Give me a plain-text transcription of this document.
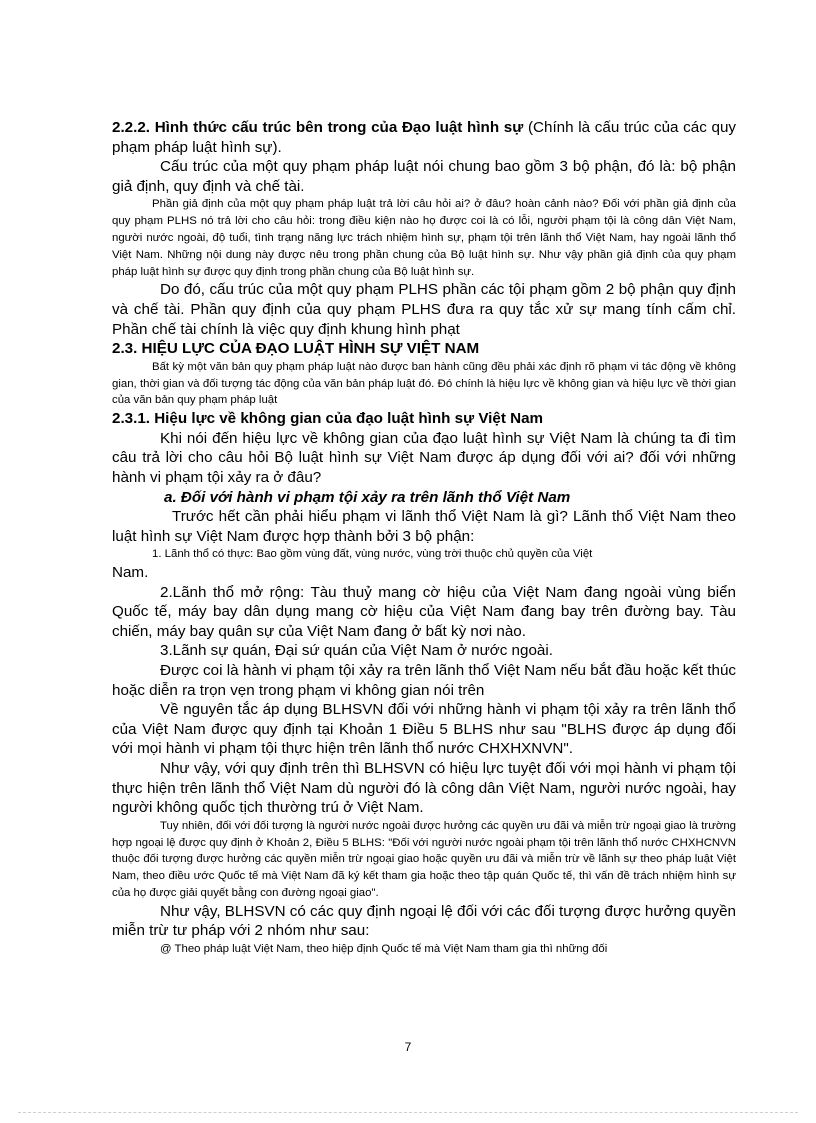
2.2.2. Hình thức cấu trúc bên trong của Đạo luật hình sự (Chính là cấu trúc của các quy phạm pháp luật hình sự).

Cấu trúc của một quy phạm pháp luật nói chung bao gồm 3 bộ phận, đó là: bộ phận giả định, quy định và chế tài.

Phần giả định của một quy phạm pháp luật trả lời câu hỏi ai? ở đâu? hoàn cảnh nào? Đối với phần giả định của quy phạm PLHS nó trả lời cho câu hỏi: trong điều kiện nào họ được coi là có lỗi, người phạm tội là công dân Việt Nam, người nước ngoài, độ tuổi, tình trạng năng lực trách nhiệm hình sự, phạm tội trên lãnh thổ Việt Nam, hay ngoài lãnh thổ Việt Nam. Những nội dung này được nêu trong phần chung của Bộ luật hình sự. Như vậy phần giả định của quy phạm pháp luật hình sự được quy định trong phần chung của Bộ luật hình sự.

Do đó, cấu trúc của một quy phạm PLHS phần các tội phạm gồm 2 bộ phận quy định và chế tài. Phần quy định của quy phạm PLHS đưa ra quy tắc xử sự mang tính cấm chỉ. Phần chế tài chính là việc quy định khung hình phạt

2.3. HIỆU LỰC CỦA ĐẠO LUẬT HÌNH SỰ VIỆT NAM

Bất kỳ một văn bản quy phạm pháp luật nào được ban hành cũng đều phải xác định rõ phạm vi tác động về không gian, thời gian và đối tượng tác động của văn bản pháp luật đó. Đó chính là hiệu lực về không gian và hiệu lực về thời gian của văn bản quy phạm pháp luật

2.3.1. Hiệu lực về không gian của đạo luật hình sự Việt Nam

Khi nói đến hiệu lực về không gian của đạo luật hình sự Việt Nam là chúng ta đi tìm câu trả lời cho câu hỏi Bộ luật hình sự Việt Nam được áp dụng đối với ai? đối với những hành vi phạm tội xảy ra ở đâu?

a. Đối với hành vi phạm tội xảy ra trên lãnh thổ Việt Nam

Trước hết cần phải hiểu phạm vi lãnh thổ Việt Nam là gì? Lãnh thổ Việt Nam theo luật hình sự Việt Nam được hợp thành bởi 3 bộ phận:

1. Lãnh thổ có thực: Bao gồm vùng đất, vùng nước, vùng trời thuộc chủ quyền của Việt

Nam.

2.Lãnh thổ mở rộng: Tàu thuỷ mang cờ hiệu của Việt Nam đang ngoài vùng biển Quốc tế, máy bay dân dụng mang cờ hiệu của Việt Nam đang bay trên đường bay. Tàu chiến, máy bay quân sự của Việt Nam đang ở bất kỳ nơi nào.

3.Lãnh sự quán, Đại sứ quán của Việt Nam ở nước ngoài.

Được coi là hành vi phạm tội xảy ra trên lãnh thổ Việt Nam nếu bắt đầu hoặc kết thúc hoặc diễn ra trọn vẹn trong phạm vi không gian nói trên

Về nguyên tắc áp dụng BLHSVN đối với những hành vi phạm tội xảy ra trên lãnh thổ của Việt Nam được quy định tại Khoản 1 Điều 5 BLHS như sau "BLHS được áp dụng đối với mọi hành vi phạm tội thực hiện trên lãnh thổ nước CHXHXNVN".

Như vậy, với quy định trên thì BLHSVN có hiệu lực tuyệt đối với mọi hành vi phạm tội thực hiện trên lãnh thổ Việt Nam dù người đó là công dân Việt Nam, người nước ngoài, hay người không quốc tịch thường trú ở Việt Nam.

Tuy nhiên, đối với đối tượng là người nước ngoài được hưởng các quyền ưu đãi và miễn trừ ngoại giao là trường hợp ngoại lệ được quy định ở Khoản 2, Điều 5 BLHS: "Đối với người nước ngoài phạm tội trên lãnh thổ nước CHXHCNVN thuộc đối tượng được hưởng các quyền miễn trừ ngoại giao hoặc quyền ưu đãi và miễn trừ về lãnh sự theo pháp luật Việt Nam, theo điều ước Quốc tế mà Việt Nam đã ký kết tham gia hoặc theo tập quán Quốc tế, thì vấn đề trách nhiệm hình sự của họ được giải quyết bằng con đường ngoại giao".

Như vậy, BLHSVN có các quy định ngoại lệ đối với các đối tượng được hưởng quyền miễn trừ tư pháp với 2 nhóm như sau:

@ Theo pháp luật Việt Nam, theo hiệp định Quốc tế mà Việt Nam tham gia thì những đối

7
